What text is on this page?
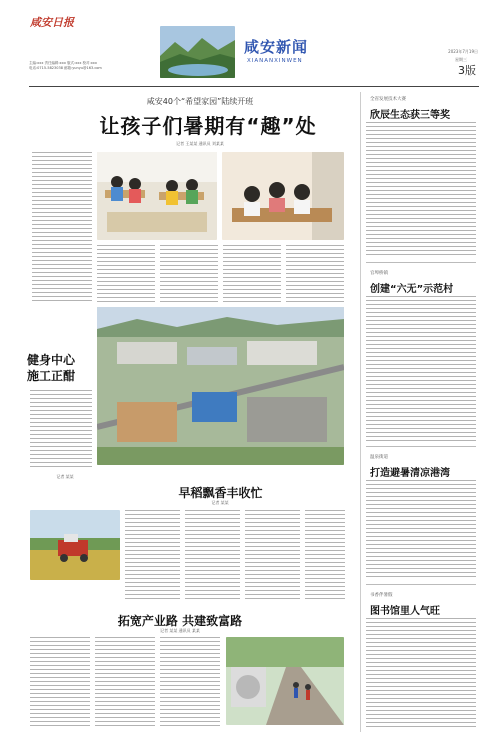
咸安日报
主编:xxx 责任编辑:xxx 版式:xxx 校对:xxx
电话:0715-5823038 邮箱:yunyu@163.com
咸安新闻
XIANANXINWEN
2023年7月19日
星期三
3版
咸安40个“希望家园”陆续开班
让孩子们暑期有“趣”处
记者 王某某 通讯员 刘某某
健身中心
施工正酣
记者 某某
早稻飘香丰收忙
记者 某某
拓宽产业路 共建致富路
记者 某某 通讯员 某某
全省发展技术大赛
欣辰生态获三等奖
官埠桥镇
创建“六无”示范村
温泉街道
打造避暑清凉港湾
书香伴暑假
图书馆里人气旺
